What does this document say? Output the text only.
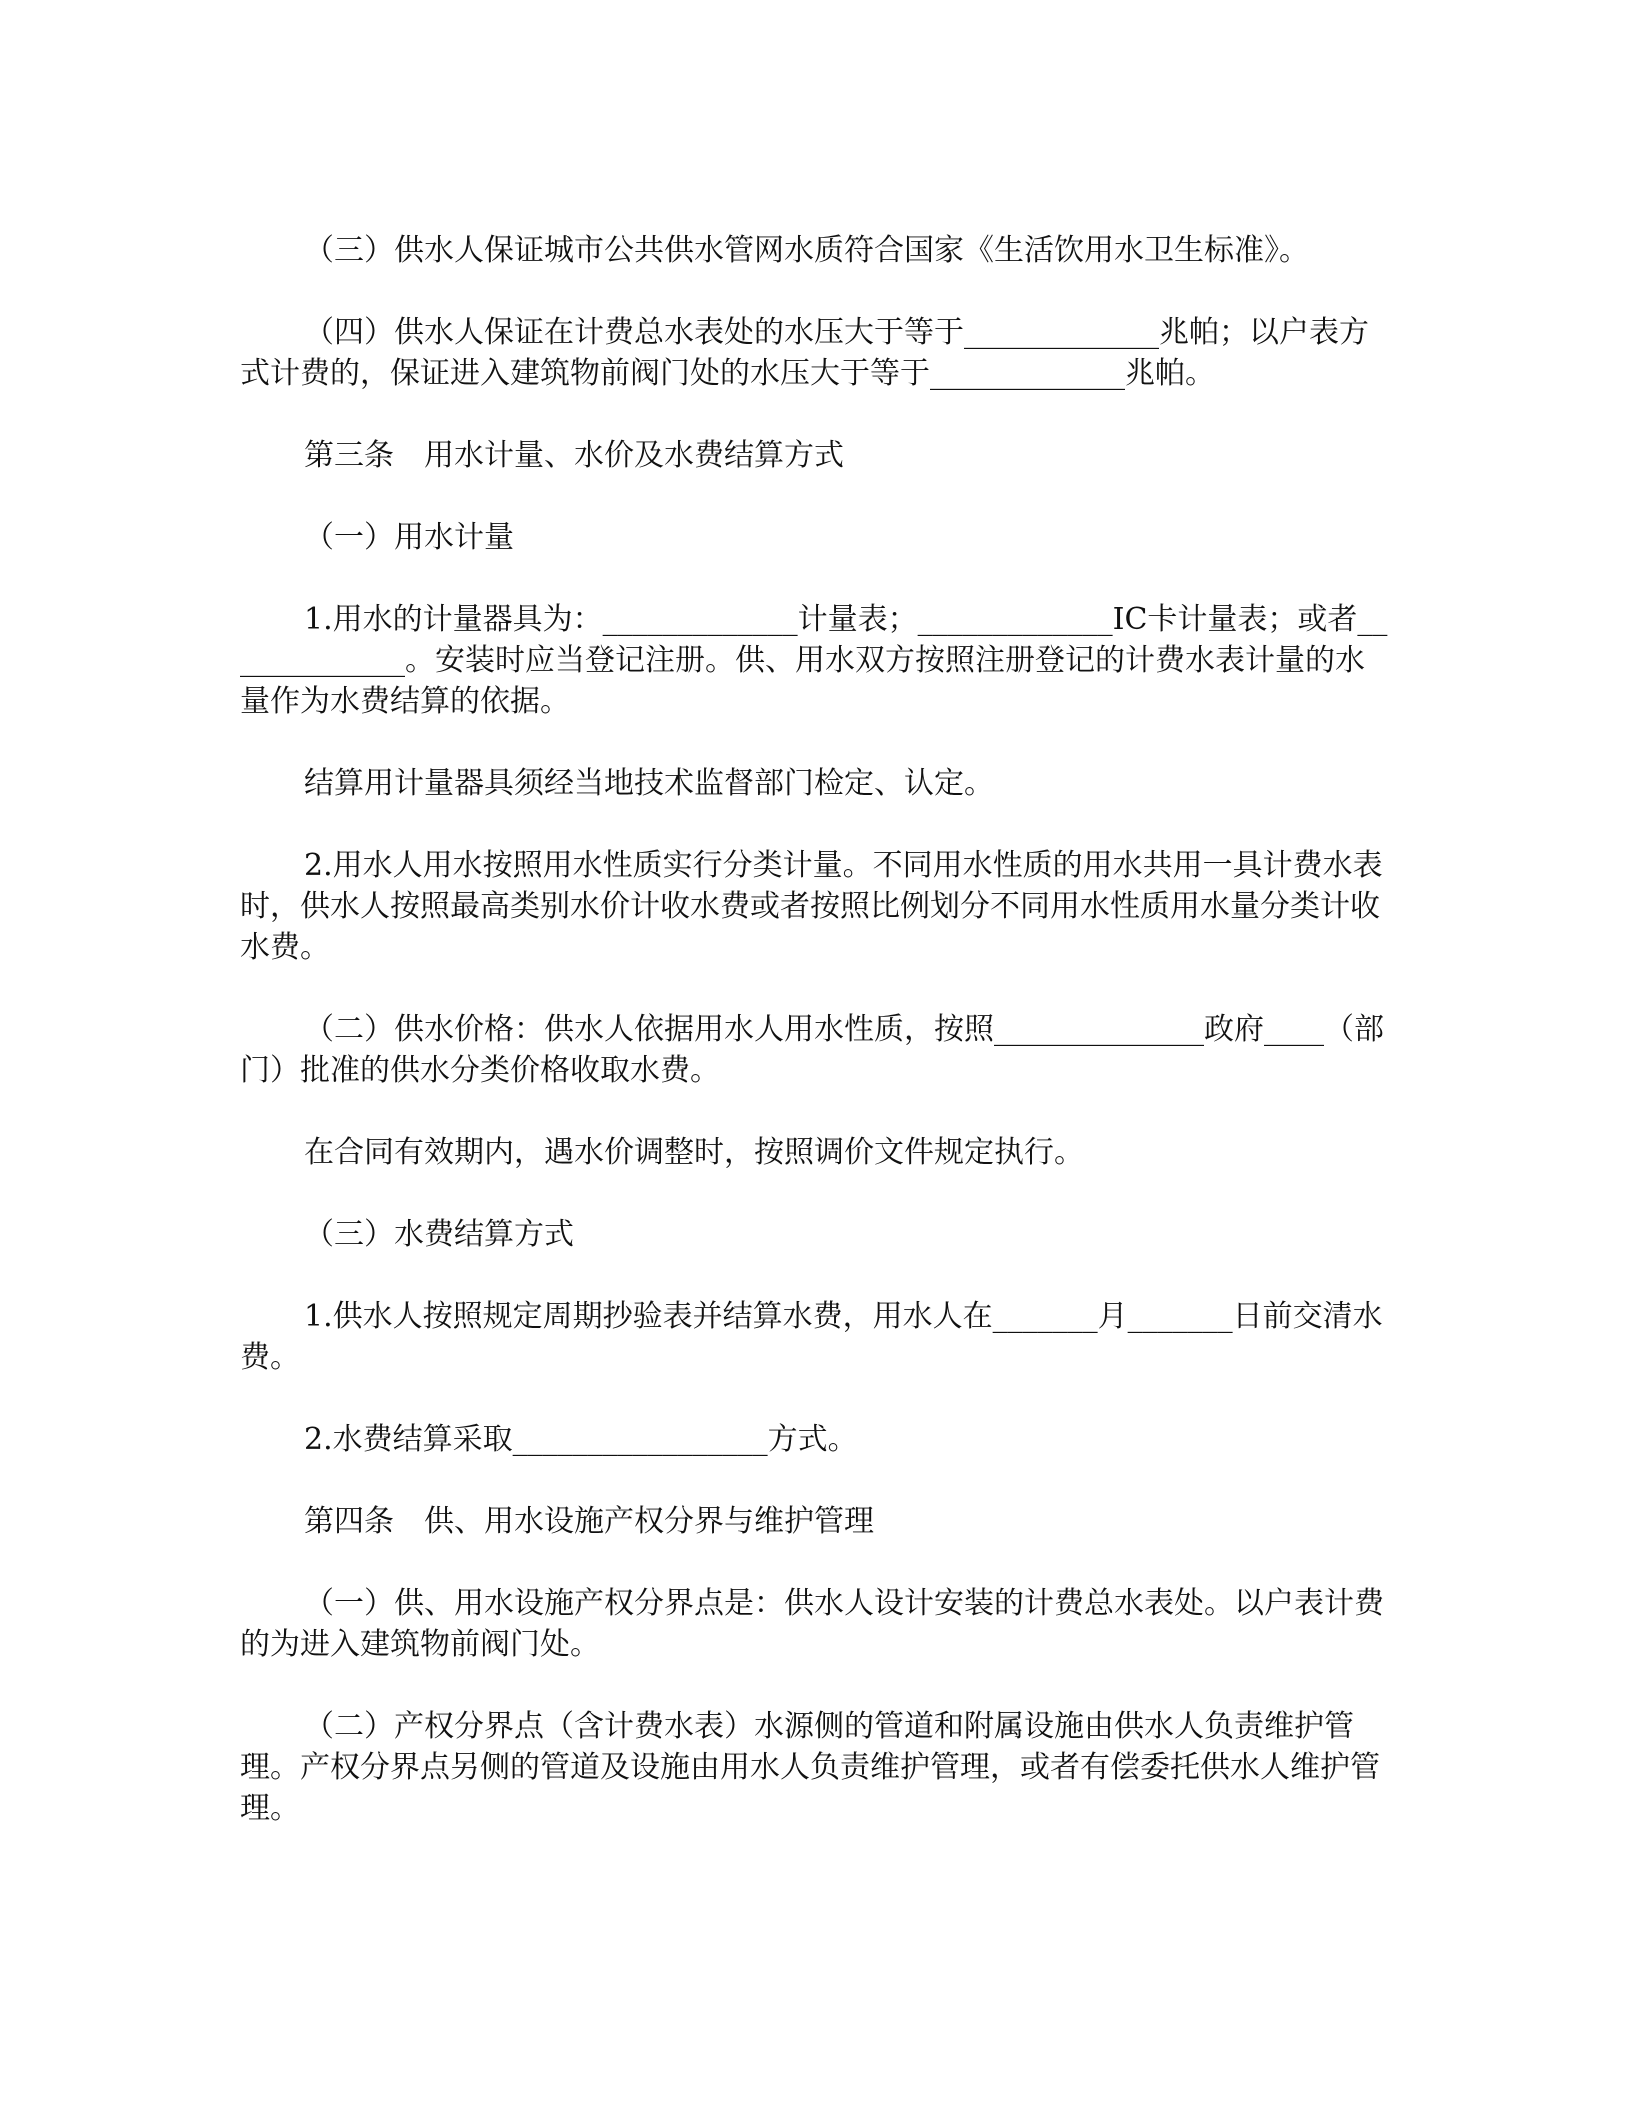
（三）供水人保证城市公共供水管网水质符合国家《生活饮用水卫生标准》。

（四）供水人保证在计费总水表处的水压大于等于_____________兆帕；以户表方式计费的，保证进入建筑物前阀门处的水压大于等于_____________兆帕。

第三条　用水计量、水价及水费结算方式

（一）用水计量

1.用水的计量器具为：_____________计量表；_____________IC卡计量表；或者_____________。安装时应当登记注册。供、用水双方按照注册登记的计费水表计量的水量作为水费结算的依据。

结算用计量器具须经当地技术监督部门检定、认定。

2.用水人用水按照用水性质实行分类计量。不同用水性质的用水共用一具计费水表时，供水人按照最高类别水价计收水费或者按照比例划分不同用水性质用水量分类计收水费。

（二）供水价格：供水人依据用水人用水性质，按照______________政府____（部门）批准的供水分类价格收取水费。

在合同有效期内，遇水价调整时，按照调价文件规定执行。

（三）水费结算方式

1.供水人按照规定周期抄验表并结算水费，用水人在_______月_______日前交清水费。

2.水费结算采取_________________方式。

第四条　供、用水设施产权分界与维护管理

（一）供、用水设施产权分界点是：供水人设计安装的计费总水表处。以户表计费的为进入建筑物前阀门处。

（二）产权分界点（含计费水表）水源侧的管道和附属设施由供水人负责维护管理。产权分界点另侧的管道及设施由用水人负责维护管理，或者有偿委托供水人维护管理。
